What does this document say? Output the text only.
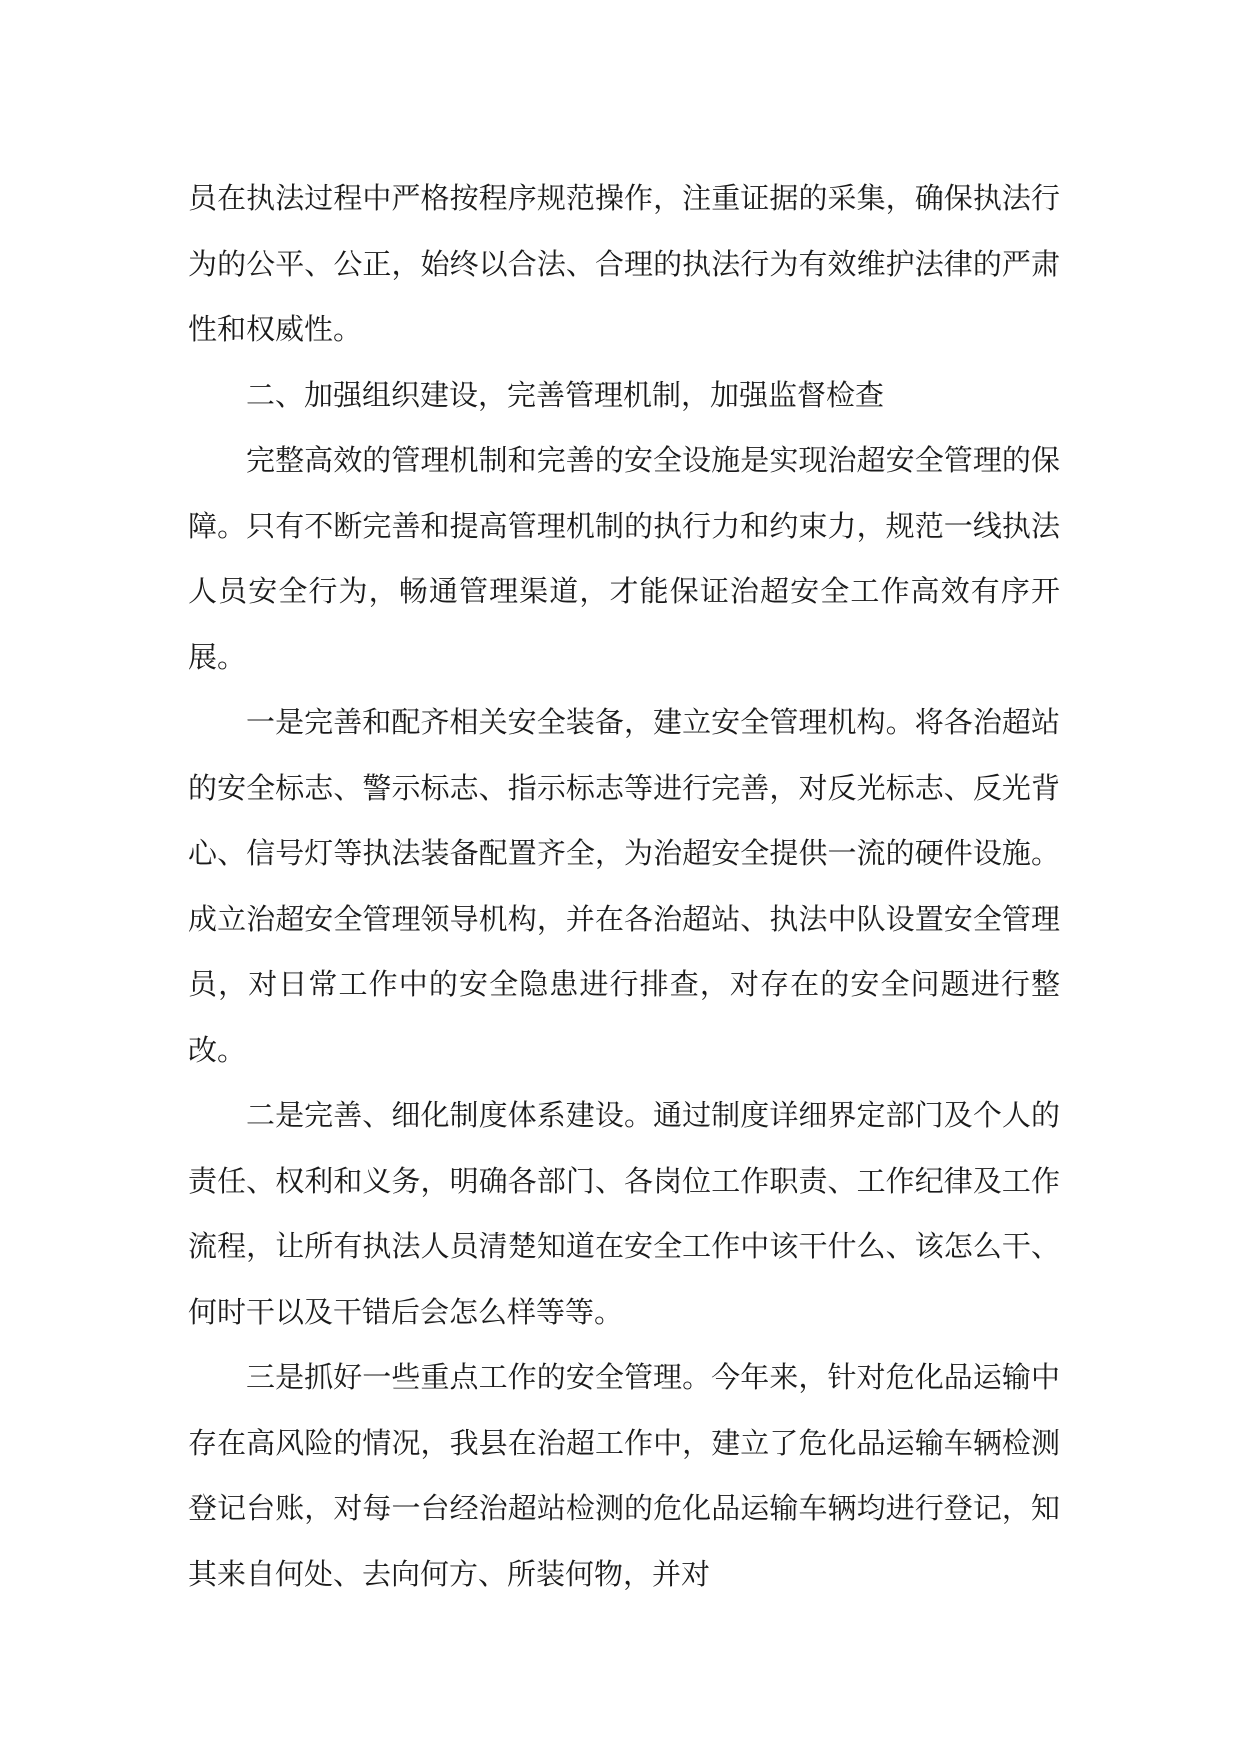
员在执法过程中严格按程序规范操作，注重证据的采集，确保执法行为的公平、公正，始终以合法、合理的执法行为有效维护法律的严肃性和权威性。

二、加强组织建设，完善管理机制，加强监督检查

完整高效的管理机制和完善的安全设施是实现治超安全管理的保障。只有不断完善和提高管理机制的执行力和约束力，规范一线执法人员安全行为，畅通管理渠道，才能保证治超安全工作高效有序开展。

一是完善和配齐相关安全装备，建立安全管理机构。将各治超站的安全标志、警示标志、指示标志等进行完善，对反光标志、反光背心、信号灯等执法装备配置齐全，为治超安全提供一流的硬件设施。成立治超安全管理领导机构，并在各治超站、执法中队设置安全管理员，对日常工作中的安全隐患进行排查，对存在的安全问题进行整改。

二是完善、细化制度体系建设。通过制度详细界定部门及个人的责任、权利和义务，明确各部门、各岗位工作职责、工作纪律及工作流程，让所有执法人员清楚知道在安全工作中该干什么、该怎么干、何时干以及干错后会怎么样等等。

三是抓好一些重点工作的安全管理。今年来，针对危化品运输中存在高风险的情况，我县在治超工作中，建立了危化品运输车辆检测登记台账，对每一台经治超站检测的危化品运输车辆均进行登记，知其来自何处、去向何方、所装何物，并对
